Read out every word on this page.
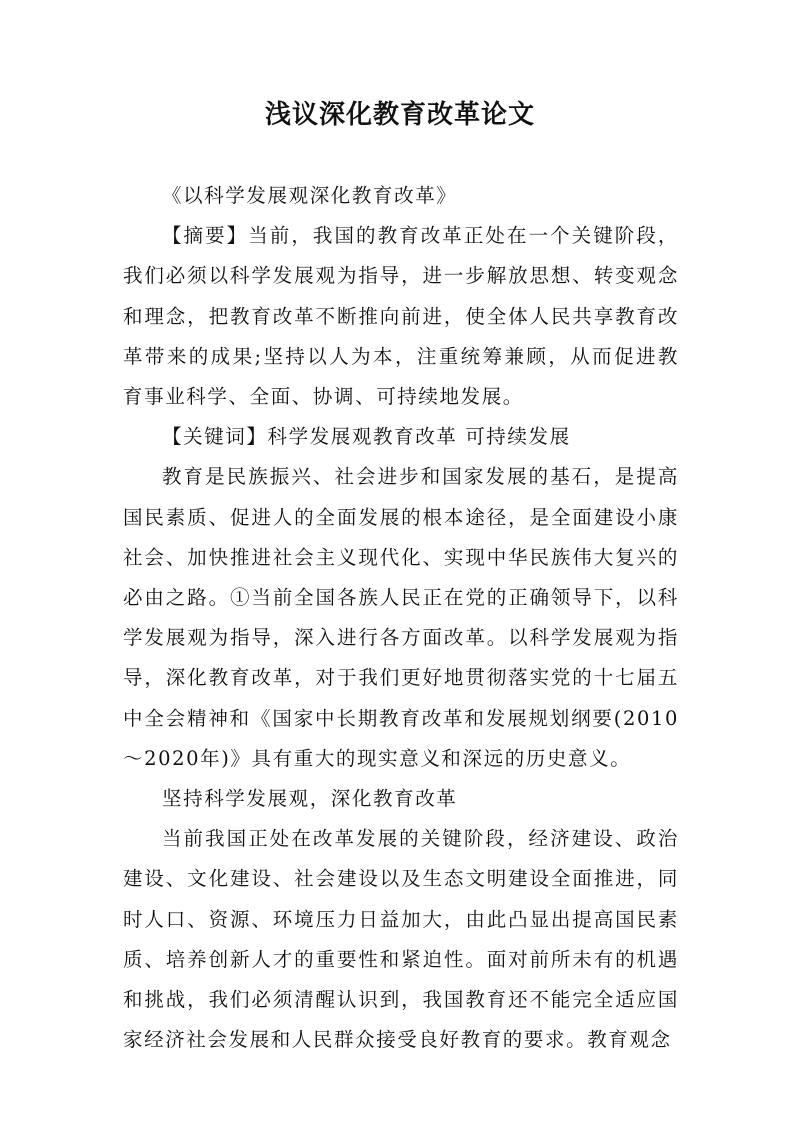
浅议深化教育改革论文

《以科学发展观深化教育改革》

【摘要】当前，我国的教育改革正处在一个关键阶段，我们必须以科学发展观为指导，进一步解放思想、转变观念和理念，把教育改革不断推向前进，使全体人民共享教育改革带来的成果;坚持以人为本，注重统筹兼顾，从而促进教育事业科学、全面、协调、可持续地发展。

【关键词】科学发展观教育改革 可持续发展

教育是民族振兴、社会进步和国家发展的基石，是提高国民素质、促进人的全面发展的根本途径，是全面建设小康社会、加快推进社会主义现代化、实现中华民族伟大复兴的必由之路。①当前全国各族人民正在党的正确领导下，以科学发展观为指导，深入进行各方面改革。以科学发展观为指导，深化教育改革，对于我们更好地贯彻落实党的十七届五中全会精神和《国家中长期教育改革和发展规划纲要(2010～2020年)》具有重大的现实意义和深远的历史意义。

坚持科学发展观，深化教育改革

当前我国正处在改革发展的关键阶段，经济建设、政治建设、文化建设、社会建设以及生态文明建设全面推进，同时人口、资源、环境压力日益加大，由此凸显出提高国民素质、培养创新人才的重要性和紧迫性。面对前所未有的机遇和挑战，我们必须清醒认识到，我国教育还不能完全适应国家经济社会发展和人民群众接受良好教育的要求。教育观念
